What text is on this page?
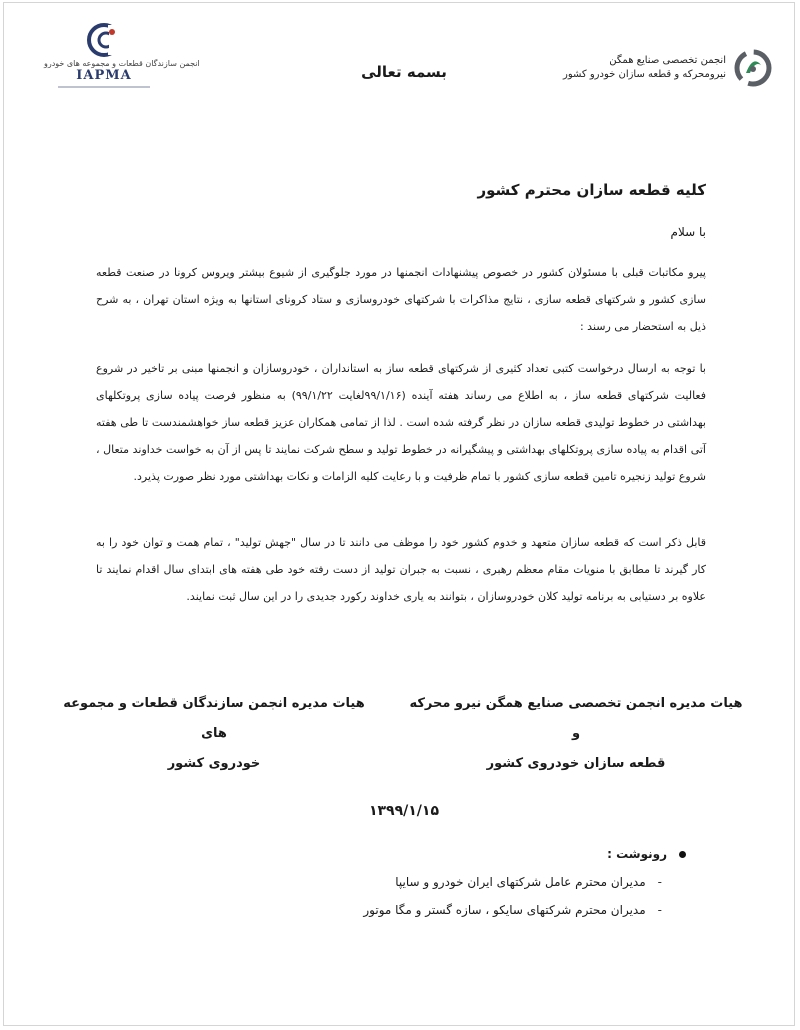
انجمن سازندگان قطعات و مجموعه های خودرو
IAPMA	بسمه تعالی
انجمن تخصصی صنایع همگن
نیرومحرکه و قطعه سازان خودرو کشور
کلیه قطعه سازان محترم کشور
با سلام

پیرو مکاتبات قبلی با مسئولان کشور در خصوص پیشنهادات انجمنها در مورد جلوگیری از شیوع بیشتر ویروس کرونا در صنعت قطعه سازی کشور و شرکتهای قطعه سازی ، نتایج مذاکرات با شرکتهای خودروسازی و ستاد کرونای استانها به ویژه استان تهران ، به شرح ذیل به استحضار می رسند :

با توجه به ارسال درخواست کتبی تعداد کثیری از شرکتهای قطعه ساز به استانداران ، خودروسازان و انجمنها مبنی بر تاخیر در شروع فعالیت شرکتهای قطعه ساز ، به اطلاع می رساند هفته آینده (۹۹/۱/۱۶لغایت ۹۹/۱/۲۲) به منظور فرصت پیاده سازی پروتکلهای بهداشتی در خطوط تولیدی قطعه سازان در نظر گرفته شده است . لذا از تمامی همکاران عزیز قطعه ساز خواهشمندست تا طی هفته آتی اقدام به پیاده سازی پروتکلهای بهداشتی و پیشگیرانه در خطوط تولید و سطح شرکت نمایند تا پس از آن به خواست خداوند متعال ، شروع تولید زنجیره تامین قطعه سازی کشور با تمام ظرفیت و با رعایت کلیه الزامات و نکات بهداشتی مورد نظر صورت پذیرد.

قابل ذکر است که قطعه سازان متعهد و خدوم کشور خود را موظف می دانند تا در سال "جهش تولید" ، تمام همت و توان خود را به کار گیرند تا مطابق با منویات مقام معظم رهبری ، نسبت به جبران تولید از دست رفته خود طی هفته های ابتدای سال اقدام نمایند تا علاوه بر دستیابی به برنامه تولید کلان خودروسازان ، بتوانند به یاری خداوند رکورد جدیدی را در این سال ثبت نمایند.

هیات مدیره انجمن تخصصی صنایع همگن نیرو محرکه و
قطعه سازان خودروی کشور
هیات مدیره انجمن سازندگان قطعات و مجموعه های
خودروی کشور
۱۳۹۹/۱/۱۵
رونوشت :
-
مدیران محترم عامل شرکتهای ایران خودرو و سایپا
-
مدیران محترم شرکتهای سایکو ، سازه گستر و مگا موتور
